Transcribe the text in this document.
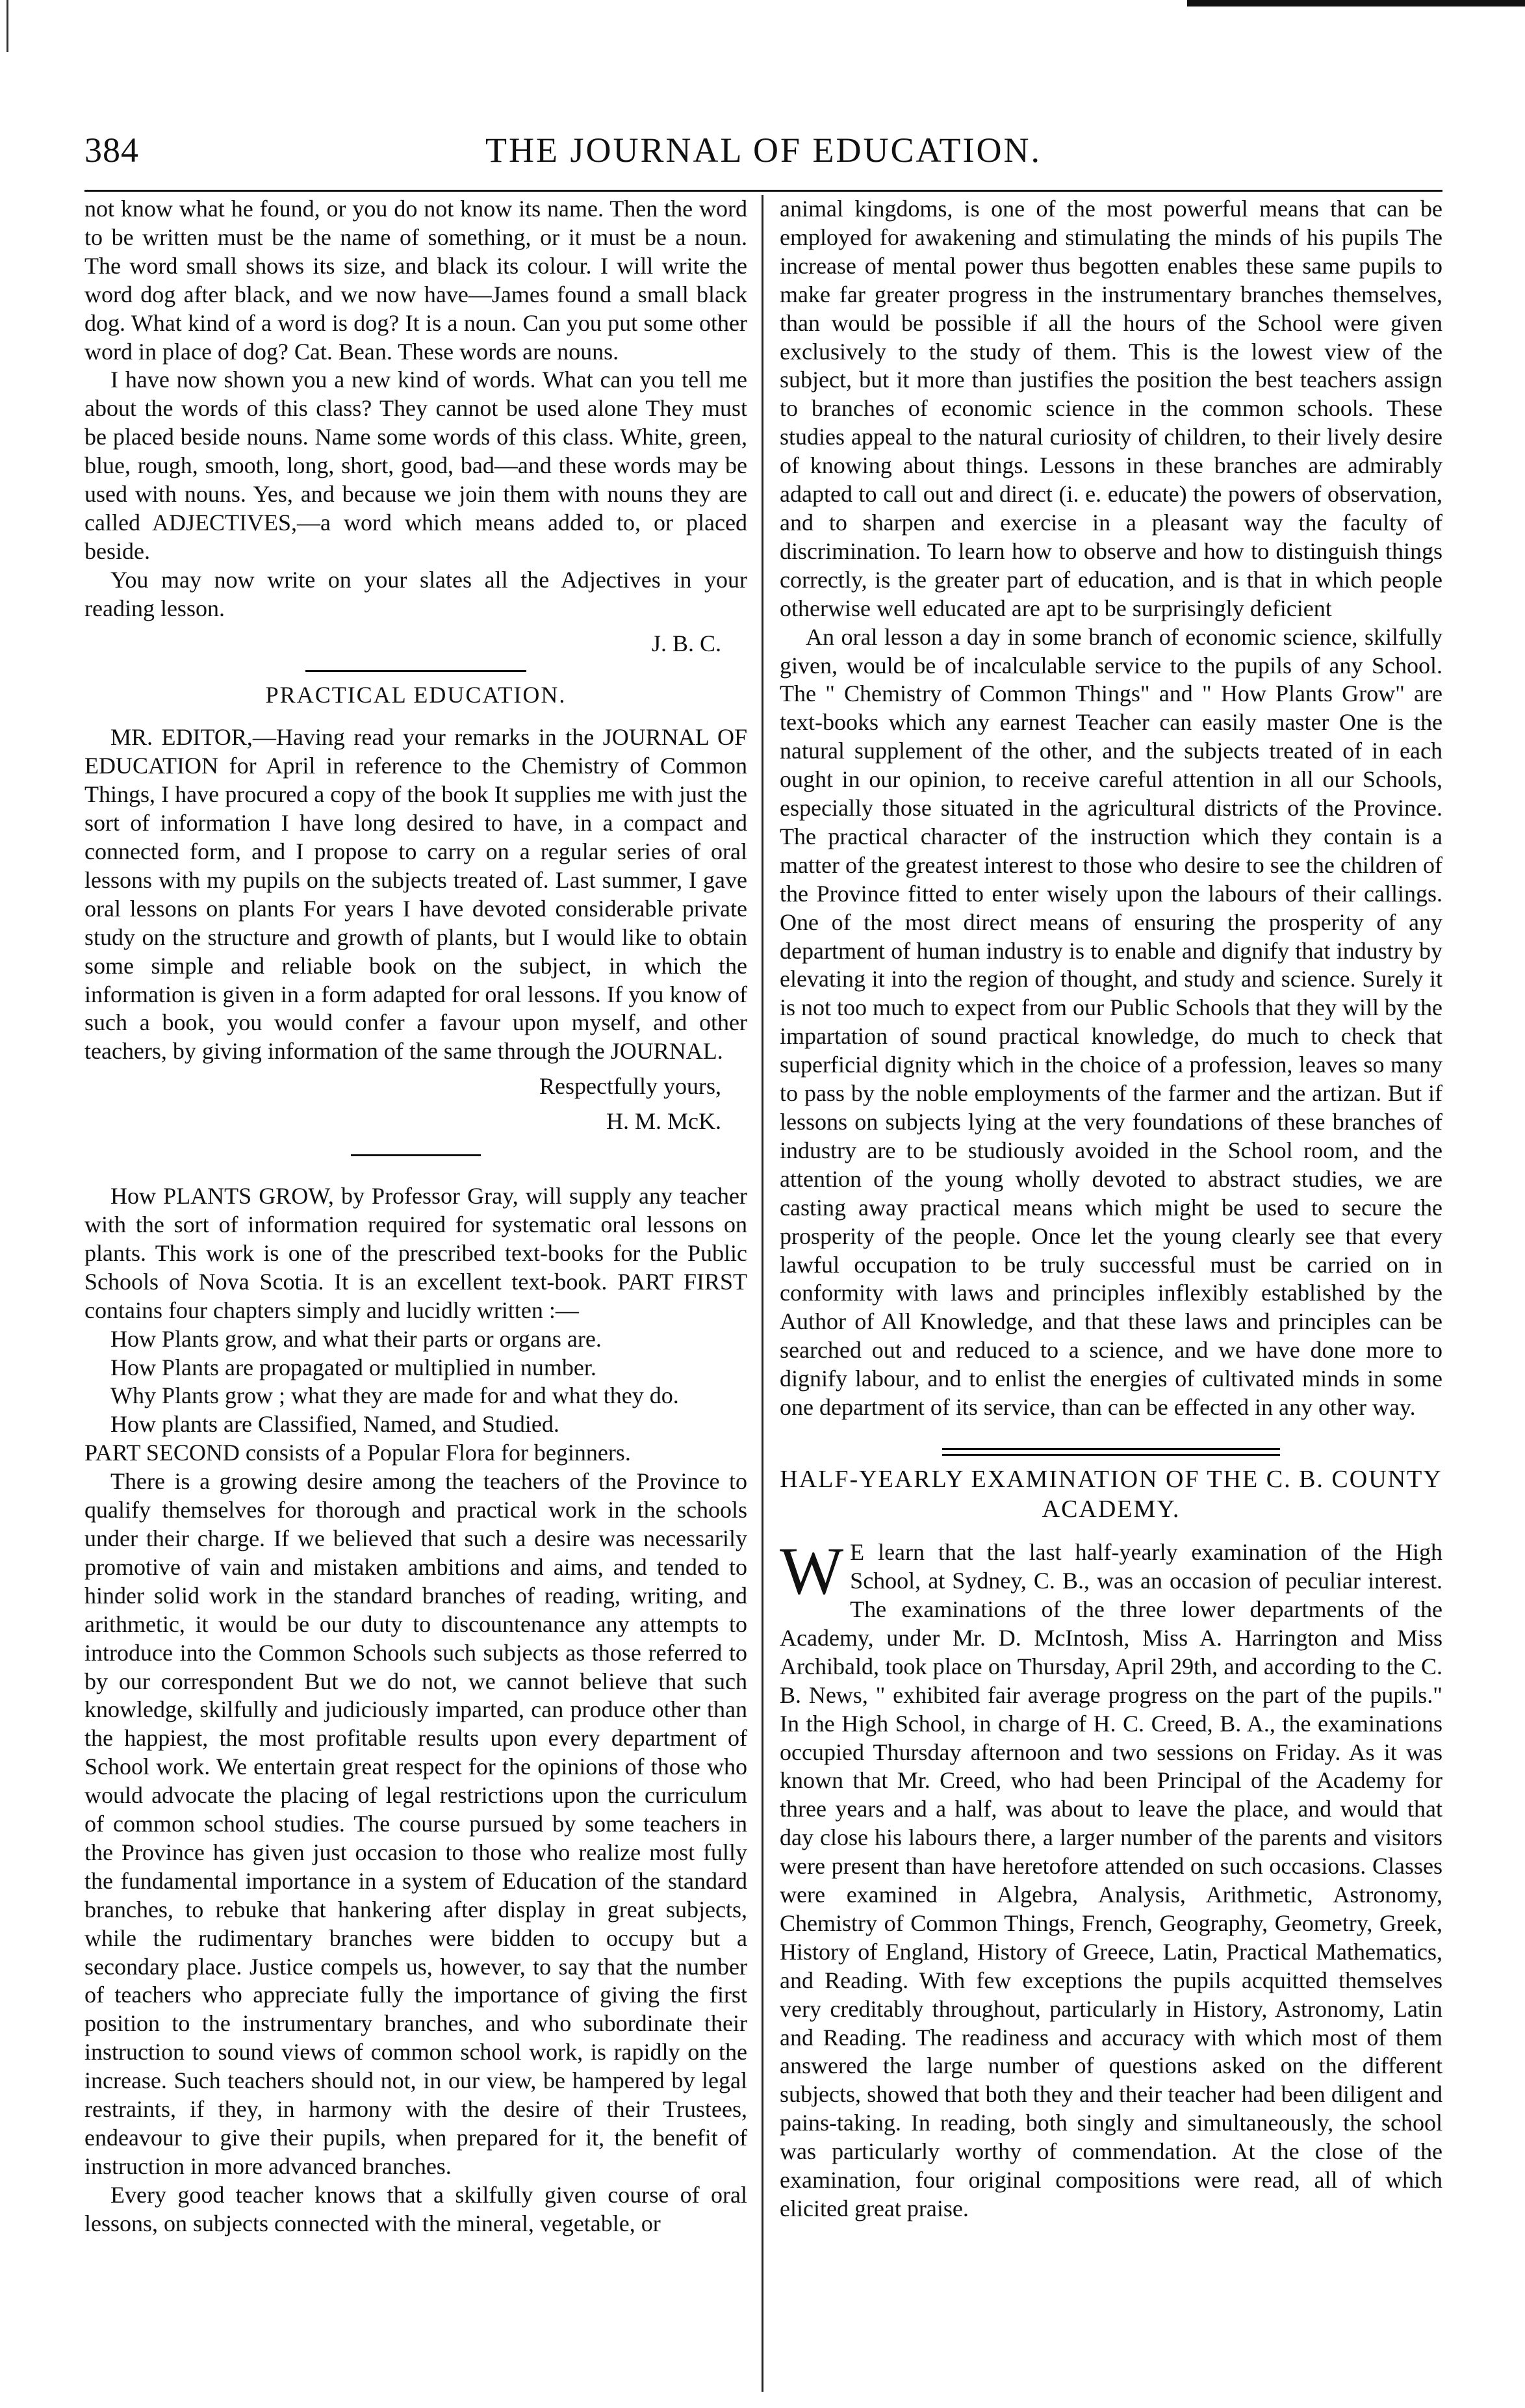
384	THE JOURNAL OF EDUCATION.

not know what he found, or you do not know its name. Then the word to be written must be the name of something, or it must be a noun. The word small shows its size, and black its colour. I will write the word dog after black, and we now have—James found a small black dog. What kind of a word is dog? It is a noun. Can you put some other word in place of dog? Cat. Bean. These words are nouns.

I have now shown you a new kind of words. What can you tell me about the words of this class? They cannot be used alone They must be placed beside nouns. Name some words of this class. White, green, blue, rough, smooth, long, short, good, bad—and these words may be used with nouns. Yes, and because we join them with nouns they are called ADJECTIVES,—a word which means added to, or placed beside.

You may now write on your slates all the Adjectives in your reading lesson.

J. B. C.

PRACTICAL EDUCATION.

MR. EDITOR,—Having read your remarks in the JOURNAL OF EDUCATION for April in reference to the Chemistry of Common Things, I have procured a copy of the book It supplies me with just the sort of information I have long desired to have, in a compact and connected form, and I propose to carry on a regular series of oral lessons with my pupils on the subjects treated of. Last summer, I gave oral lessons on plants For years I have devoted considerable private study on the structure and growth of plants, but I would like to obtain some simple and reliable book on the subject, in which the information is given in a form adapted for oral lessons. If you know of such a book, you would confer a favour upon myself, and other teachers, by giving information of the same through the JOURNAL.

Respectfully yours,

H. M. McK.

How PLANTS GROW, by Professor Gray, will supply any teacher with the sort of information required for systematic oral lessons on plants. This work is one of the prescribed text-books for the Public Schools of Nova Scotia. It is an excellent text-book. PART FIRST contains four chapters simply and lucidly written :—

How Plants grow, and what their parts or organs are.

How Plants are propagated or multiplied in number.

Why Plants grow ; what they are made for and what they do.

How plants are Classified, Named, and Studied.

PART SECOND consists of a Popular Flora for beginners.

There is a growing desire among the teachers of the Province to qualify themselves for thorough and practical work in the schools under their charge. If we believed that such a desire was necessarily promotive of vain and mistaken ambitions and aims, and tended to hinder solid work in the standard branches of reading, writing, and arithmetic, it would be our duty to discountenance any attempts to introduce into the Common Schools such subjects as those referred to by our correspondent But we do not, we cannot believe that such knowledge, skilfully and judiciously imparted, can produce other than the happiest, the most profitable results upon every department of School work. We entertain great respect for the opinions of those who would advocate the placing of legal restrictions upon the curriculum of common school studies. The course pursued by some teachers in the Province has given just occasion to those who realize most fully the fundamental importance in a system of Education of the standard branches, to rebuke that hankering after display in great subjects, while the rudimentary branches were bidden to occupy but a secondary place. Justice compels us, however, to say that the number of teachers who appreciate fully the importance of giving the first position to the instrumentary branches, and who subordinate their instruction to sound views of common school work, is rapidly on the increase. Such teachers should not, in our view, be hampered by legal restraints, if they, in harmony with the desire of their Trustees, endeavour to give their pupils, when prepared for it, the benefit of instruction in more advanced branches.

Every good teacher knows that a skilfully given course of oral lessons, on subjects connected with the mineral, vegetable, or

animal kingdoms, is one of the most powerful means that can be employed for awakening and stimulating the minds of his pupils The increase of mental power thus begotten enables these same pupils to make far greater progress in the instrumentary branches themselves, than would be possible if all the hours of the School were given exclusively to the study of them. This is the lowest view of the subject, but it more than justifies the position the best teachers assign to branches of economic science in the common schools. These studies appeal to the natural curiosity of children, to their lively desire of knowing about things. Lessons in these branches are admirably adapted to call out and direct (i. e. educate) the powers of observation, and to sharpen and exercise in a pleasant way the faculty of discrimination. To learn how to observe and how to distinguish things correctly, is the greater part of education, and is that in which people otherwise well educated are apt to be surprisingly deficient

An oral lesson a day in some branch of economic science, skilfully given, would be of incalculable service to the pupils of any School. The " Chemistry of Common Things" and " How Plants Grow" are text-books which any earnest Teacher can easily master One is the natural supplement of the other, and the subjects treated of in each ought in our opinion, to receive careful attention in all our Schools, especially those situated in the agricultural districts of the Province. The practical character of the instruction which they contain is a matter of the greatest interest to those who desire to see the children of the Province fitted to enter wisely upon the labours of their callings. One of the most direct means of ensuring the prosperity of any department of human industry is to enable and dignify that industry by elevating it into the region of thought, and study and science. Surely it is not too much to expect from our Public Schools that they will by the impartation of sound practical knowledge, do much to check that superficial dignity which in the choice of a profession, leaves so many to pass by the noble employments of the farmer and the artizan. But if lessons on subjects lying at the very foundations of these branches of industry are to be studiously avoided in the School room, and the attention of the young wholly devoted to abstract studies, we are casting away practical means which might be used to secure the prosperity of the people. Once let the young clearly see that every lawful occupation to be truly successful must be carried on in conformity with laws and principles inflexibly established by the Author of All Knowledge, and that these laws and principles can be searched out and reduced to a science, and we have done more to dignify labour, and to enlist the energies of cultivated minds in some one department of its service, than can be effected in any other way.

HALF-YEARLY EXAMINATION OF THE C. B. COUNTY ACADEMY.

W E learn that the last half-yearly examination of the High School, at Sydney, C. B., was an occasion of peculiar interest. The examinations of the three lower departments of the Academy, under Mr. D. McIntosh, Miss A. Harrington and Miss Archibald, took place on Thursday, April 29th, and according to the C. B. News, " exhibited fair average progress on the part of the pupils." In the High School, in charge of H. C. Creed, B. A., the examinations occupied Thursday afternoon and two sessions on Friday. As it was known that Mr. Creed, who had been Principal of the Academy for three years and a half, was about to leave the place, and would that day close his labours there, a larger number of the parents and visitors were present than have heretofore attended on such occasions. Classes were examined in Algebra, Analysis, Arithmetic, Astronomy, Chemistry of Common Things, French, Geography, Geometry, Greek, History of England, History of Greece, Latin, Practical Mathematics, and Reading. With few exceptions the pupils acquitted themselves very creditably throughout, particularly in History, Astronomy, Latin and Reading. The readiness and accuracy with which most of them answered the large number of questions asked on the different subjects, showed that both they and their teacher had been diligent and pains-taking. In reading, both singly and simultaneously, the school was particularly worthy of commendation. At the close of the examination, four original compositions were read, all of which elicited great praise.
